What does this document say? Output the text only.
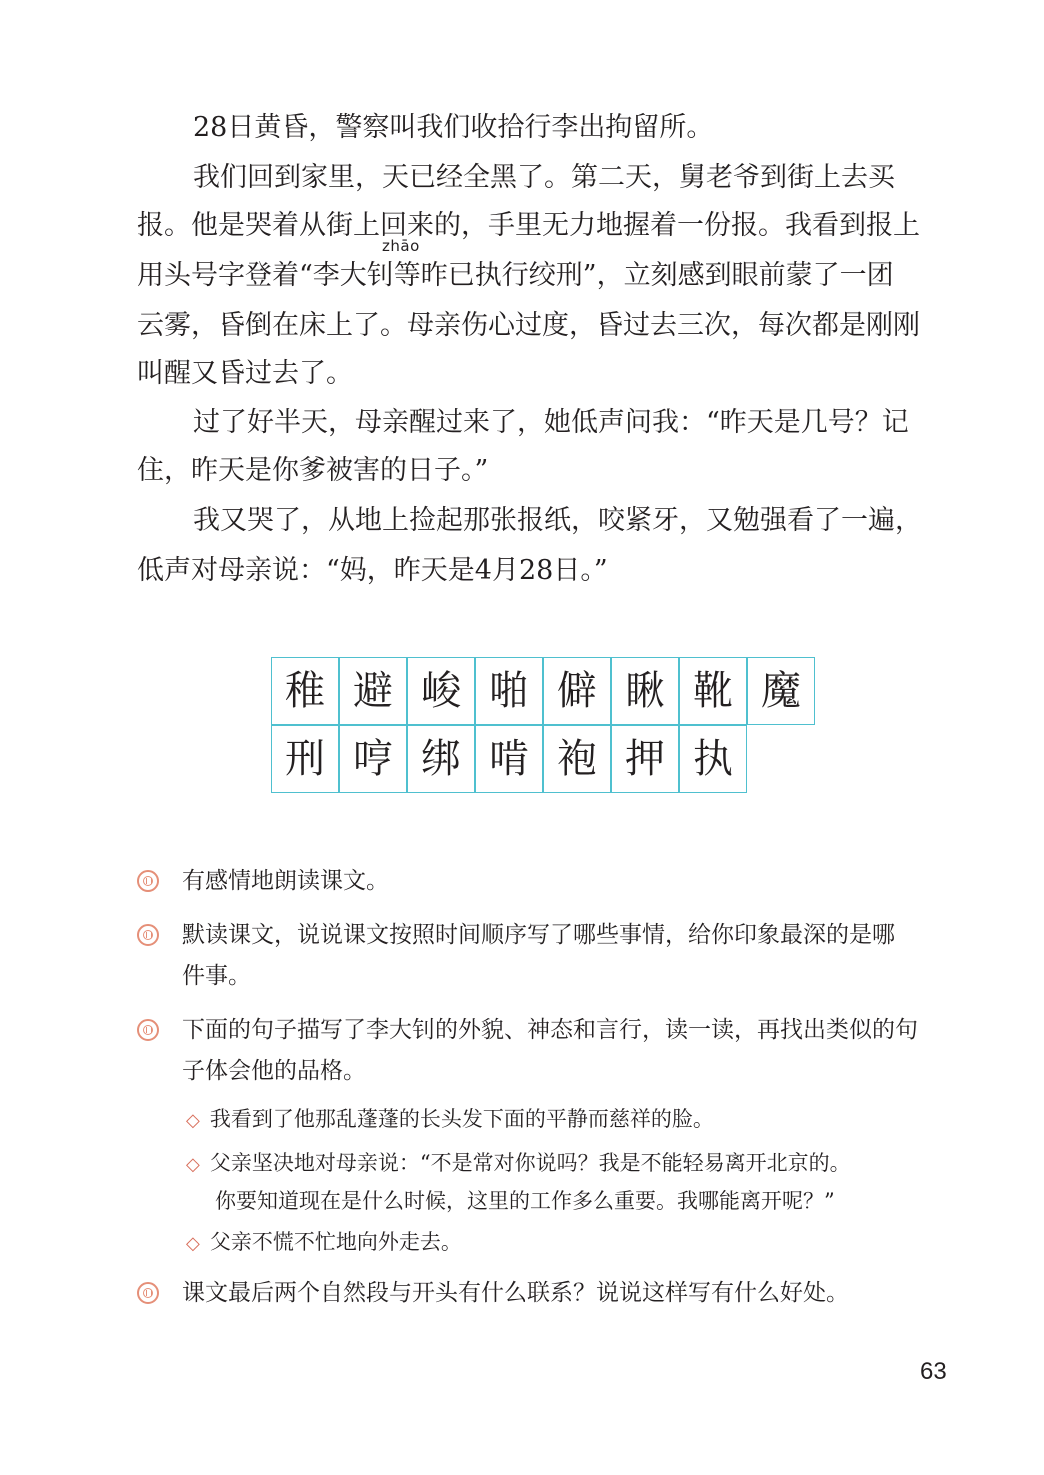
28日黄昏，警察叫我们收拾行李出拘留所。
我们回到家里，天已经全黑了。第二天，舅老爷到街上去买
报。他是哭着从街上回来的，手里无力地握着一份报。我看到报上
用头号字登着“李大钊等昨已执行绞刑”，立刻感到眼前蒙了一团
云雾，昏倒在床上了。母亲伤心过度，昏过去三次，每次都是刚刚
叫醒又昏过去了。
zhāo
过了好半天，母亲醒过来了，她低声问我：“昨天是几号？记
住，昨天是你爹被害的日子。”
我又哭了，从地上捡起那张报纸，咬紧牙，又勉强看了一遍，
低声对母亲说：“妈，昨天是4月28日。”
稚 避 峻 啪 僻 瞅 靴 魔
刑 哼 绑 啃 袍 押 执
有感情地朗读课文。
默读课文，说说课文按照时间顺序写了哪些事情，给你印象最深的是哪
件事。
下面的句子描写了李大钊的外貌、神态和言行，读一读，再找出类似的句
子体会他的品格。
◇ 我看到了他那乱蓬蓬的长头发下面的平静而慈祥的脸。
◇ 父亲坚决地对母亲说：“不是常对你说吗？我是不能轻易离开北京的。
你要知道现在是什么时候，这里的工作多么重要。我哪能离开呢？”
◇ 父亲不慌不忙地向外走去。
课文最后两个自然段与开头有什么联系？说说这样写有什么好处。
63
